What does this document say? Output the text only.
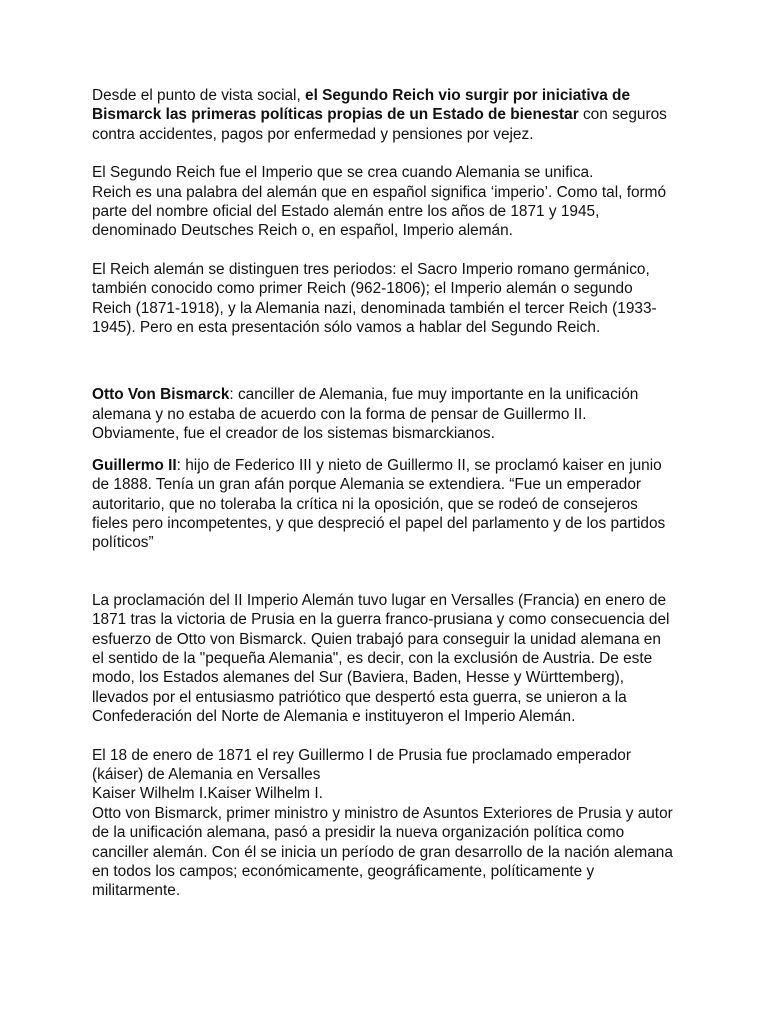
Desde el punto de vista social, el Segundo Reich vio surgir por iniciativa de Bismarck las primeras políticas propias de un Estado de bienestar con seguros contra accidentes, pagos por enfermedad y pensiones por vejez.

El Segundo Reich fue el Imperio que se crea cuando Alemania se unifica.
Reich es una palabra del alemán que en español significa ‘imperio’. Como tal, formó parte del nombre oficial del Estado alemán entre los años de 1871 y 1945, denominado Deutsches Reich o, en español, Imperio alemán.

El Reich alemán se distinguen tres periodos: el Sacro Imperio romano germánico, también conocido como primer Reich (962-1806); el Imperio alemán o segundo Reich (1871-1918), y la Alemania nazi, denominada también el tercer Reich (1933-1945). Pero en esta presentación sólo vamos a hablar del Segundo Reich.

Otto Von Bismarck: canciller de Alemania, fue muy importante en la unificación alemana y no estaba de acuerdo con la forma de pensar de Guillermo II. Obviamente, fue el creador de los sistemas bismarckianos.

Guillermo II: hijo de Federico III y nieto de Guillermo II, se proclamó kaiser en junio de 1888. Tenía un gran afán porque Alemania se extendiera. “Fue un emperador autoritario, que no toleraba la crítica ni la oposición, que se rodeó de consejeros fieles pero incompetentes, y que despreció el papel del parlamento y de los partidos políticos”

La proclamación del II Imperio Alemán tuvo lugar en Versalles (Francia) en enero de 1871 tras la victoria de Prusia en la guerra franco-prusiana y como consecuencia del esfuerzo de Otto von Bismarck. Quien trabajó para conseguir la unidad alemana en el sentido de la "pequeña Alemania", es decir, con la exclusión de Austria. De este modo, los Estados alemanes del Sur (Baviera, Baden, Hesse y Württemberg), llevados por el entusiasmo patriótico que despertó esta guerra, se unieron a la Confederación del Norte de Alemania e instituyeron el Imperio Alemán.

El 18 de enero de 1871 el rey Guillermo I de Prusia fue proclamado emperador (káiser) de Alemania en Versalles
Kaiser Wilhelm I.Kaiser Wilhelm I.
Otto von Bismarck, primer ministro y ministro de Asuntos Exteriores de Prusia y autor de la unificación alemana, pasó a presidir la nueva organización política como canciller alemán. Con él se inicia un período de gran desarrollo de la nación alemana en todos los campos; económicamente, geográficamente, políticamente y militarmente.
